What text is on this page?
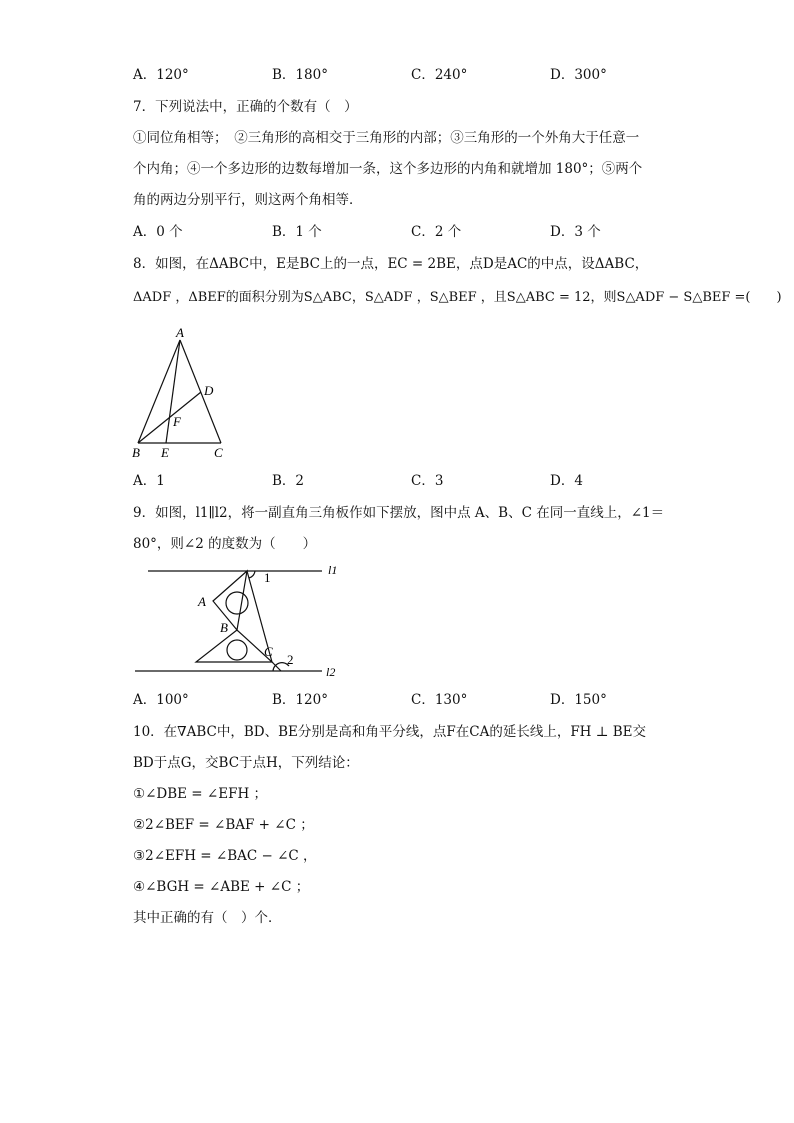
A．120°	B．180°	C．240°	D．300°
7．下列说法中，正确的个数有（　）
①同位角相等；　②三角形的高相交于三角形的内部；③三角形的一个外角大于任意一
个内角；④一个多边形的边数每增加一条，这个多边形的内角和就增加 180°；⑤两个
角的两边分别平行，则这两个角相等．
A．0 个	B．1 个	C．2 个	D．3 个
8．如图，在ΔABC中，E是BC上的一点，EC = 2BE，点D是AC的中点，设ΔABC，
ΔADF ，ΔBEF的面积分别为S△ABC，S△ADF ，S△BEF ，且S△ABC = 12，则S△ADF − S△BEF =(　　)
A
D
F
B E	C
A．1	B．2	C．3	D．4
9．如图，l1∥l2，将一副直角三角板作如下摆放，图中点 A、B、C 在同一直线上，∠1＝
80°，则∠2 的度数为（　　）
l1
l2
1
2
A
B
C
A．100°	B．120°	C．130°	D．150°
10．在∇ABC中，BD、BE分别是高和角平分线，点F在CA的延长线上，FH ⊥ BE交
BD于点G，交BC于点H，下列结论：
①∠DBE = ∠EFH ；
②2∠BEF = ∠BAF + ∠C ；
③2∠EFH = ∠BAC − ∠C ，
④∠BGH = ∠ABE + ∠C ；
其中正确的有（　）个．
